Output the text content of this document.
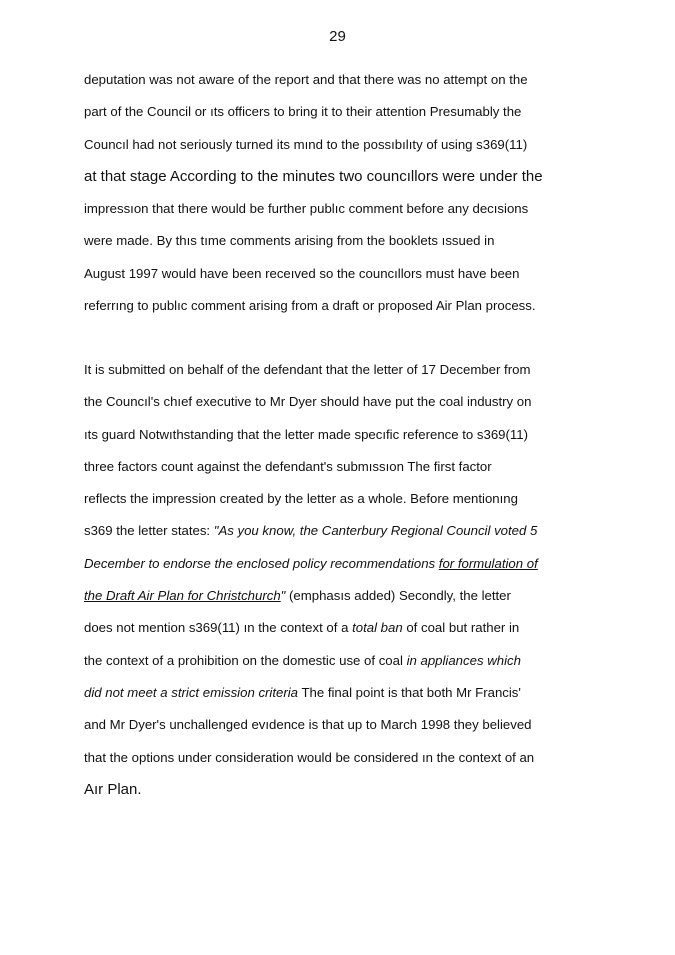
29
deputation was not aware of the report and that there was no attempt on the
part of the Council or ıts officers to bring it to their attention Presumably the
Councıl had not seriously turned its mınd to the possıbılıty of using s369(11)
at that stage According to the minutes two councıllors were under the
impressıon that there would be further publıc comment before any decısions
were made. By thıs tıme comments arising from the booklets ıssued in
August 1997 would have been receıved so the councıllors must have been
referrıng to publıc comment arising from a draft or proposed Air Plan process.
It is submitted on behalf of the defendant that the letter of 17 December from
the Councıl's chıef executive to Mr Dyer should have put the coal industry on
ıts guard Notwıthstanding that the letter made specıfic reference to s369(11)
three factors count against the defendant's submıssıon The first factor
reflects the impression created by the letter as a whole. Before mentionıng
s369 the letter states: "As you know, the Canterbury Regional Council voted 5
December to endorse the enclosed policy recommendations for formulation of
the Draft Air Plan for Christchurch" (emphasıs added) Secondly, the letter
does not mention s369(11) ın the context of a total ban of coal but rather in
the context of a prohibition on the domestic use of coal in appliances which
did not meet a strict emission criteria The final point is that both Mr Francis'
and Mr Dyer's unchallenged evıdence is that up to March 1998 they believed
that the options under consideration would be considered ın the context of an
Aır Plan.
